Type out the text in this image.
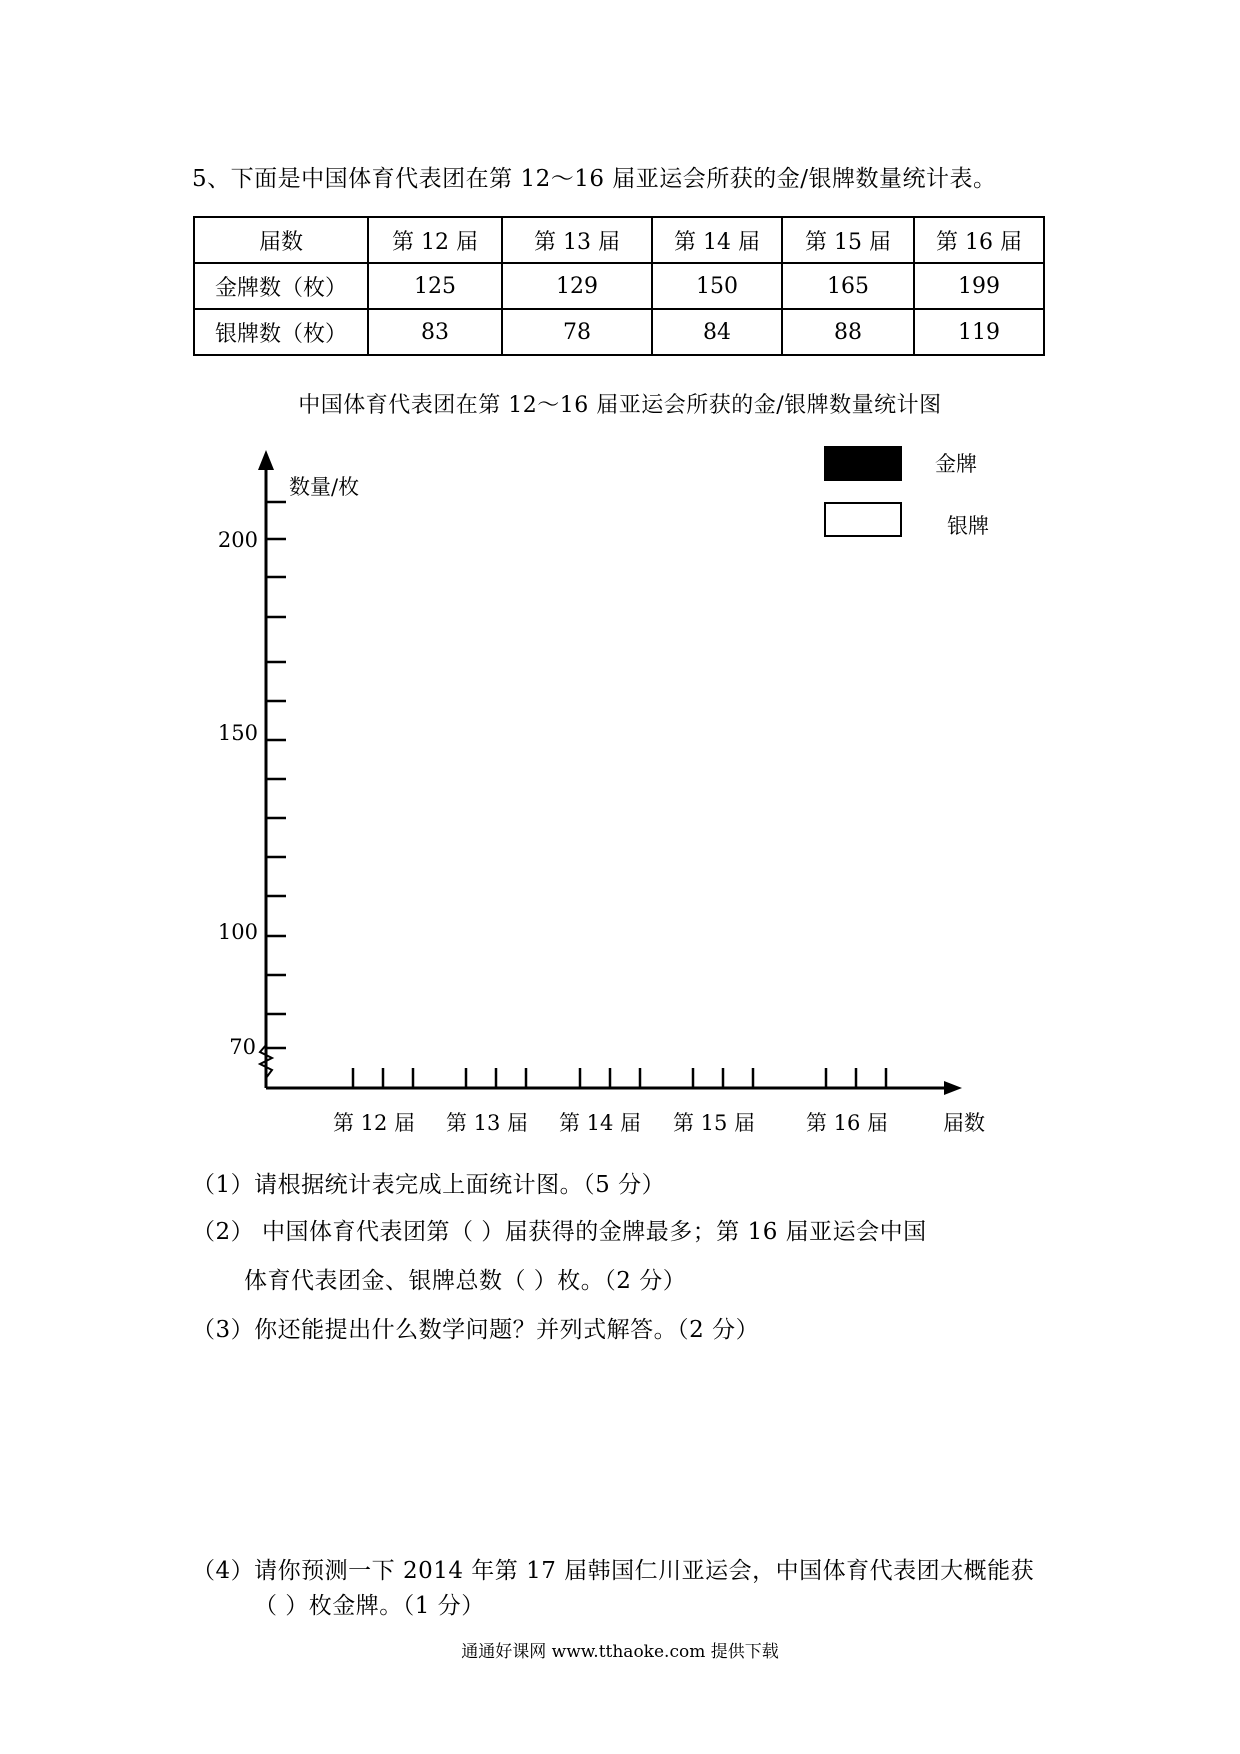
5、下面是中国体育代表团在第 12～16 届亚运会所获的金/银牌数量统计表。
届数	第 12 届	第 13 届	第 14 届	第 15 届	第 16 届
金牌数（枚）	125	129	150	165	199
银牌数（枚）	83	78	84	88	119
中国体育代表团在第 12～16 届亚运会所获的金/银牌数量统计图
数量/枚
70
100
150
200
第 12 届 第 13 届 第 14 届 第 15 届 第 16 届	届数
金牌
银牌
（1）请根据统计表完成上面统计图。（5 分）
（2） 中国体育代表团第（ ）届获得的金牌最多；第 16 届亚运会中国
体育代表团金、银牌总数（ ）枚。（2 分）
（3）你还能提出什么数学问题？并列式解答。（2 分）
（4）请你预测一下 2014 年第 17 届韩国仁川亚运会，中国体育代表团大概能获
（ ）枚金牌。（1 分）
通通好课网 www.tthaoke.com 提供下载
